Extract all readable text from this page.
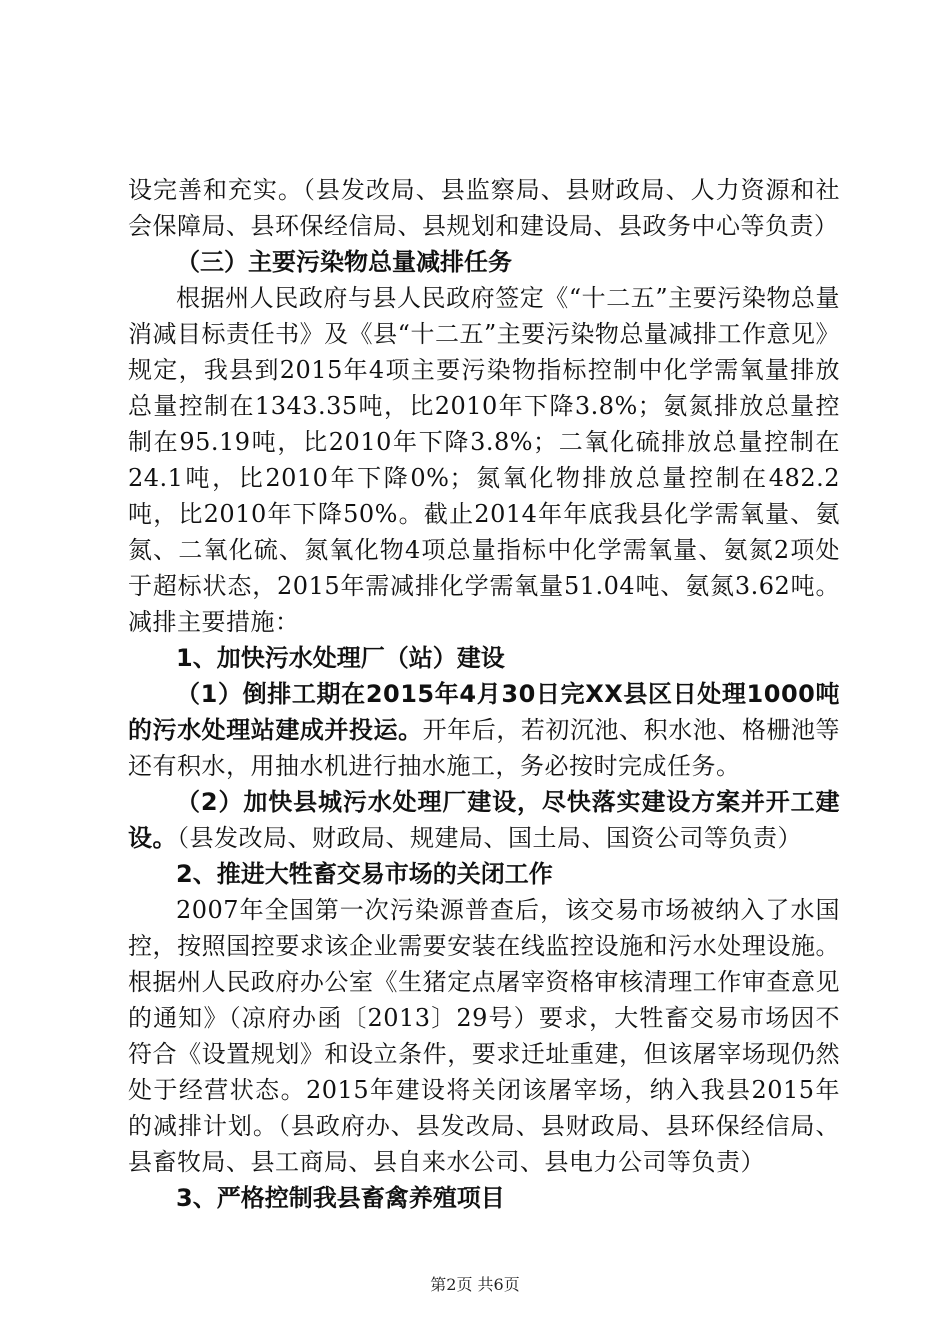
设完善和充实。（县发改局、县监察局、县财政局、人力资源和社会保障局、县环保经信局、县规划和建设局、县政务中心等负责）

（三）主要污染物总量减排任务

根据州人民政府与县人民政府签定《“十二五”主要污染物总量消减目标责任书》及《县“十二五”主要污染物总量减排工作意见》规定，我县到2015年4项主要污染物指标控制中化学需氧量排放总量控制在1343.35吨，比2010年下降3.8%；氨氮排放总量控制在95.19吨，比2010年下降3.8%；二氧化硫排放总量控制在24.1吨，比2010年下降0%；氮氧化物排放总量控制在482.2吨，比2010年下降50%。截止2014年年底我县化学需氧量、氨氮、二氧化硫、氮氧化物4项总量指标中化学需氧量、氨氮2项处于超标状态，2015年需减排化学需氧量51.04吨、氨氮3.62吨。减排主要措施：

1、加快污水处理厂（站）建设

（1）倒排工期在2015年4月30日完XX县区日处理1000吨的污水处理站建成并投运。开年后，若初沉池、积水池、格栅池等还有积水，用抽水机进行抽水施工，务必按时完成任务。

（2）加快县城污水处理厂建设，尽快落实建设方案并开工建设。（县发改局、财政局、规建局、国土局、国资公司等负责）

2、推进大牲畜交易市场的关闭工作

2007年全国第一次污染源普查后，该交易市场被纳入了水国控，按照国控要求该企业需要安装在线监控设施和污水处理设施。根据州人民政府办公室《生猪定点屠宰资格审核清理工作审查意见的通知》（凉府办函〔2013〕29号）要求，大牲畜交易市场因不符合《设置规划》和设立条件，要求迁址重建，但该屠宰场现仍然处于经营状态。2015年建设将关闭该屠宰场，纳入我县2015年的减排计划。（县政府办、县发改局、县财政局、县环保经信局、县畜牧局、县工商局、县自来水公司、县电力公司等负责）

3、严格控制我县畜禽养殖项目

第2页 共6页
